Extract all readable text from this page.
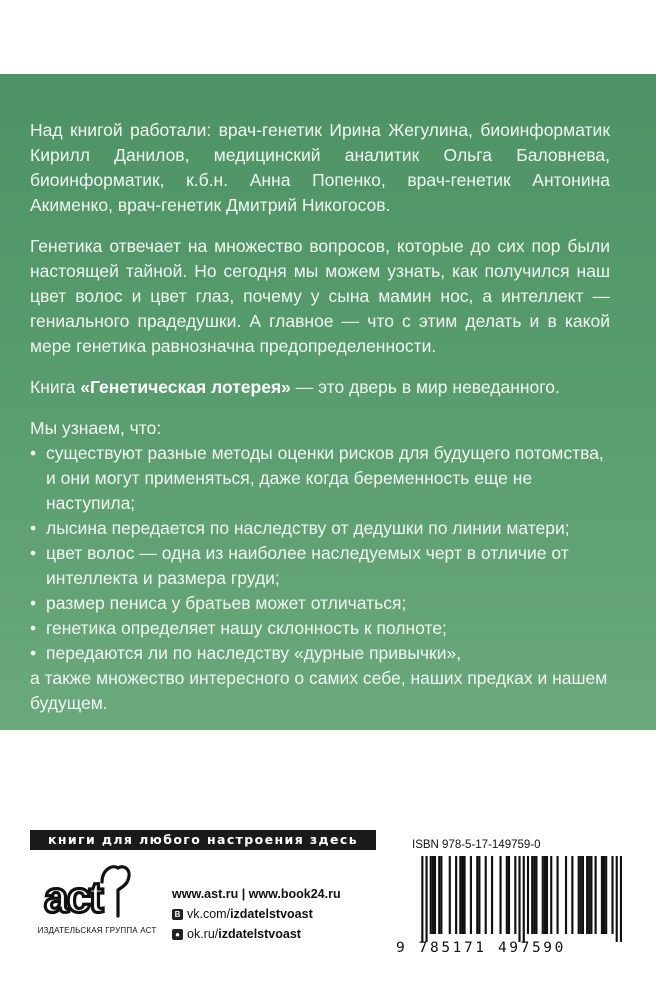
Над книгой работали: врач-генетик Ирина Жегулина, биоинформатик Кирилл Данилов, медицинский аналитик Ольга Баловнева, биоинформатик, к.б.н. Анна Попенко, врач-генетик Антонина Акименко, врач-генетик Дмитрий Никогосов.

Генетика отвечает на множество вопросов, которые до сих пор были настоящей тайной. Но сегодня мы можем узнать, как получился наш цвет волос и цвет глаз, почему у сына мамин нос, а интеллект — гениального прадедушки. А главное — что с этим делать и в какой мере генетика равнозначна предопределенности.

Книга «Генетическая лотерея» — это дверь в мир неведанного.

Мы узнаем, что:
• существуют разные методы оценки рисков для будущего потомства, и они могут применяться, даже когда беременность еще не наступила;
• лысина передается по наследству от дедушки по линии матери;
• цвет волос — одна из наиболее наследуемых черт в отличие от интеллекта и размера груди;
• размер пениса у братьев может отличаться;
• генетика определяет нашу склонность к полноте;
• передаются ли по наследству «дурные привычки»,
а также множество интересного о самих себе, наших предках и нашем будущем.
книги для любого настроения здесь
act
ИЗДАТЕЛЬСКАЯ ГРУППА АСТ
www.ast.ru | www.book24.ru
В vk.com/ izdatelstvoast
● ok.ru/ izdatelstvoast
ISBN 978-5-17-149759-0
9 785171 497590
